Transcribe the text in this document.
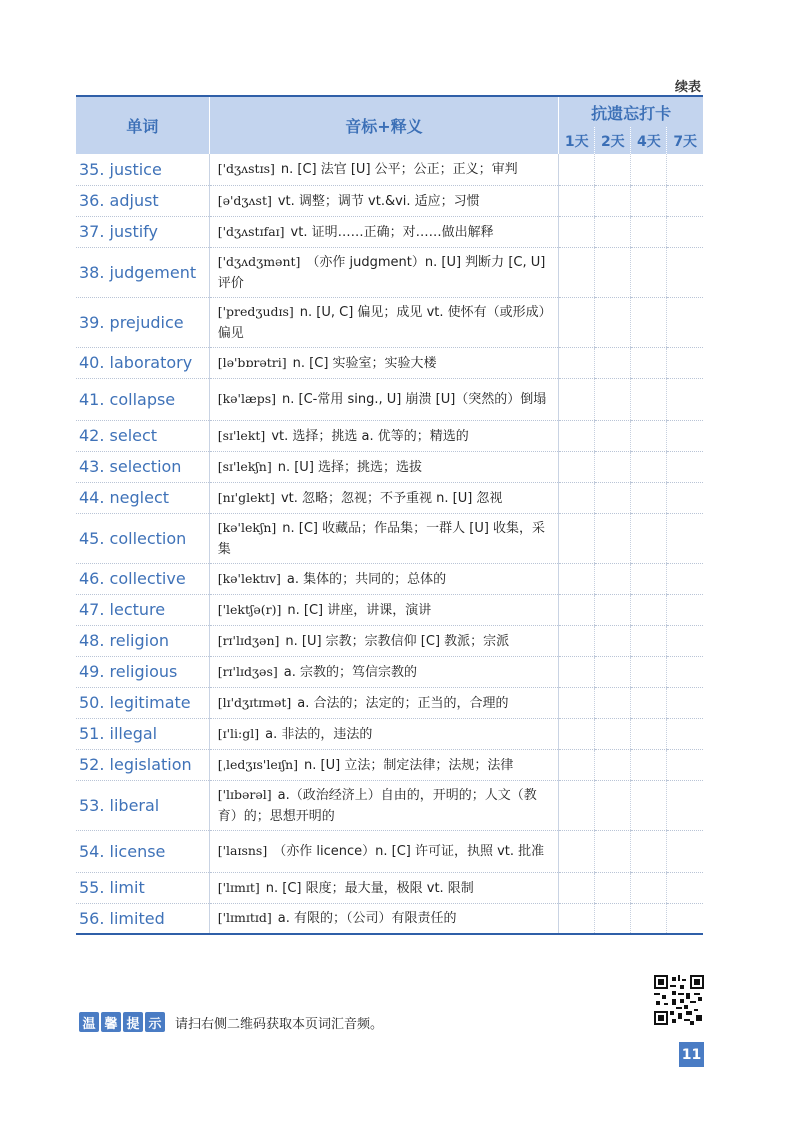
续表
单词	音标+释义	抗遗忘打卡			
		1天	2天	4天	7天
35. justice	['dʒʌstɪs] n. [C] 法官 [U] 公平；公正；正义；审判				
36. adjust	[ə'dʒʌst] vt. 调整；调节 vt.&vi. 适应；习惯				
37. justify	['dʒʌstɪfaɪ] vt. 证明……正确；对……做出解释				
38. judgement	['dʒʌdʒmənt] （亦作 judgment）n. [U] 判断力 [C, U] 评价				
39. prejudice	['predʒudɪs] n. [U, C] 偏见；成见 vt. 使怀有（或形成）偏见				
40. laboratory	[lə'bɒrətri] n. [C] 实验室；实验大楼				
41. collapse	[kə'læps] n. [C-常用 sing., U] 崩溃 [U]（突然的）倒塌				
42. select	[sɪ'lekt] vt. 选择；挑选 a. 优等的；精选的				
43. selection	[sɪ'lekʃn] n. [U] 选择；挑选；选拔				
44. neglect	[nɪ'glekt] vt. 忽略；忽视；不予重视 n. [U] 忽视				
45. collection	[kə'lekʃn] n. [C] 收藏品；作品集；一群人 [U] 收集，采集				
46. collective	[kə'lektɪv] a. 集体的；共同的；总体的				
47. lecture	['lektʃə(r)] n. [C] 讲座，讲课，演讲				
48. religion	[rɪ'lɪdʒən] n. [U] 宗教；宗教信仰 [C] 教派；宗派				
49. religious	[rɪ'lɪdʒəs] a. 宗教的；笃信宗教的				
50. legitimate	[lɪ'dʒɪtɪmət] a. 合法的；法定的；正当的，合理的				
51. illegal	[ɪ'li:gl] a. 非法的，违法的				
52. legislation	[ˌledʒɪs'leɪʃn] n. [U] 立法；制定法律；法规；法律				
53. liberal	['lɪbərəl] a.（政治经济上）自由的，开明的；人文（教育）的；思想开明的				
54. license	['laɪsns] （亦作 licence）n. [C] 许可证，执照 vt. 批准				
55. limit	['lɪmɪt] n. [C] 限度；最大量，极限 vt. 限制				
56. limited	['lɪmɪtɪd] a. 有限的；（公司）有限责任的				
温 馨 提 示 请扫右侧二维码获取本页词汇音频。
11
